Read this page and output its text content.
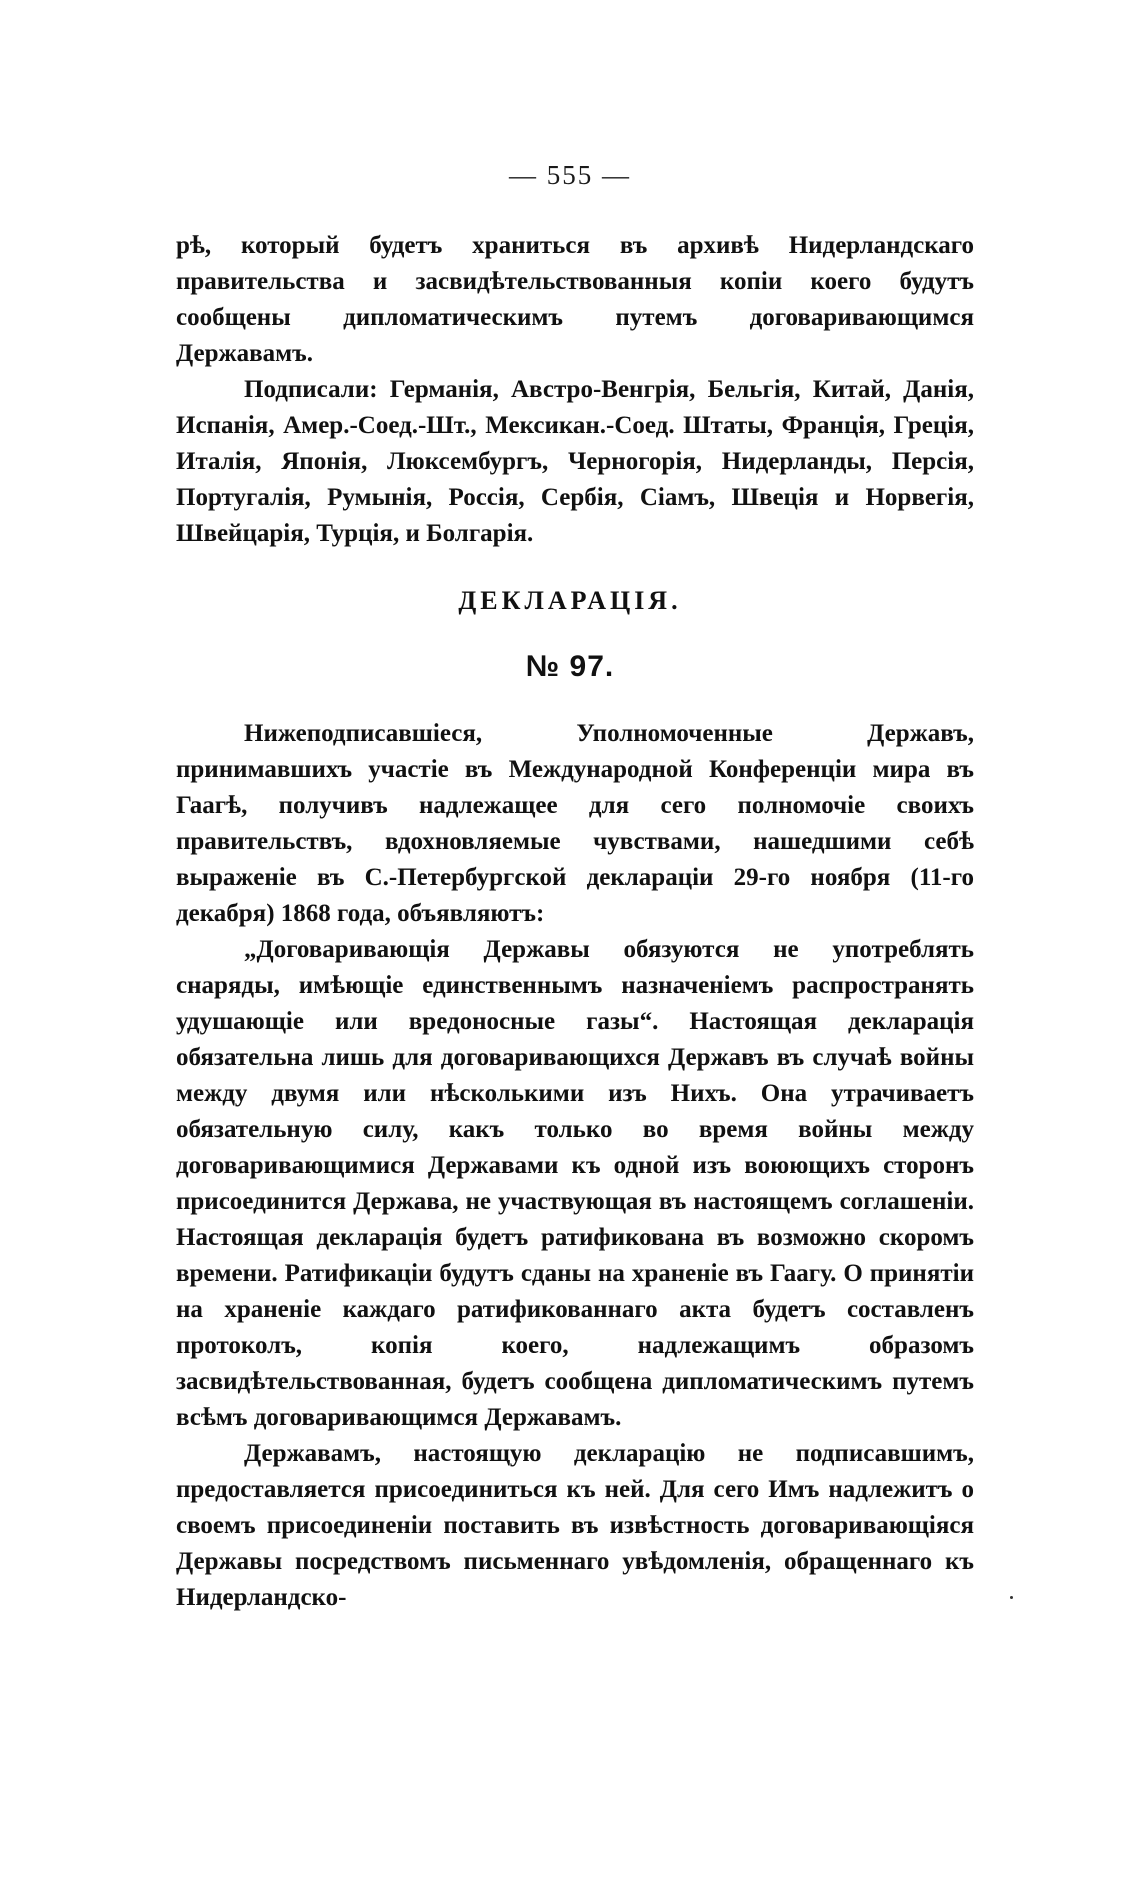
— 555 —

рѣ, который будетъ храниться въ архивѣ Нидерландскаго правительства и засвидѣтельствованныя копіи коего будутъ сообщены дипломатическимъ путемъ договаривающимся Державамъ.

Подписали: Германія, Австро-Венгрія, Бельгія, Китай, Данія, Испанія, Амер.-Соед.-Шт., Мексикан.-Соед. Штаты, Франція, Греція, Италія, Японія, Люксембургъ, Черногорія, Нидерланды, Персія, Португалія, Румынія, Россія, Сербія, Сіамъ, Швеція и Норвегія, Швейцарія, Турція, и Болгарія.

ДЕКЛАРАЦІЯ.
№ 97.

Нижеподписавшіеся, Уполномоченные Державъ, принимавшихъ участіе въ Международной Конференціи мира въ Гаагѣ, получивъ надлежащее для сего полномочіе своихъ правительствъ, вдохновляемые чувствами, нашедшими себѣ выраженіе въ С.-Петербургской декларацiи 29-го ноября (11-го декабря) 1868 года, объявляютъ:

„Договаривающія Державы обязуются не употреблять снаряды, имѣющіе единственнымъ назначеніемъ распространять удушающіе или вредоносные газы“. Настоящая декларація обязательна лишь для договаривающихся Державъ въ случаѣ войны между двумя или нѣсколькими изъ Нихъ. Она утрачиваетъ обязательную силу, какъ только во время войны между договаривающимися Державами къ одной изъ воюющихъ сторонъ присоединится Держава, не участвующая въ настоящемъ соглашеніи. Настоящая декларація будетъ ратификована въ возможно скоромъ времени. Ратификаціи будутъ сданы на храненіе въ Гаагу. О принятіи на храненіе каждаго ратификованнаго акта будетъ составленъ протоколъ, копія коего, надлежащимъ образомъ засвидѣтельствованная, будетъ сообщена дипломатическимъ путемъ всѣмъ договаривающимся Державамъ.

Державамъ, настоящую декларацію не подписавшимъ, предоставляется присоединиться къ ней. Для сего Имъ надлежитъ о своемъ присоединеніи поставить въ извѣстность договаривающіяся Державы посредствомъ письменнаго увѣдомленія, обращеннаго къ Нидерландско-
